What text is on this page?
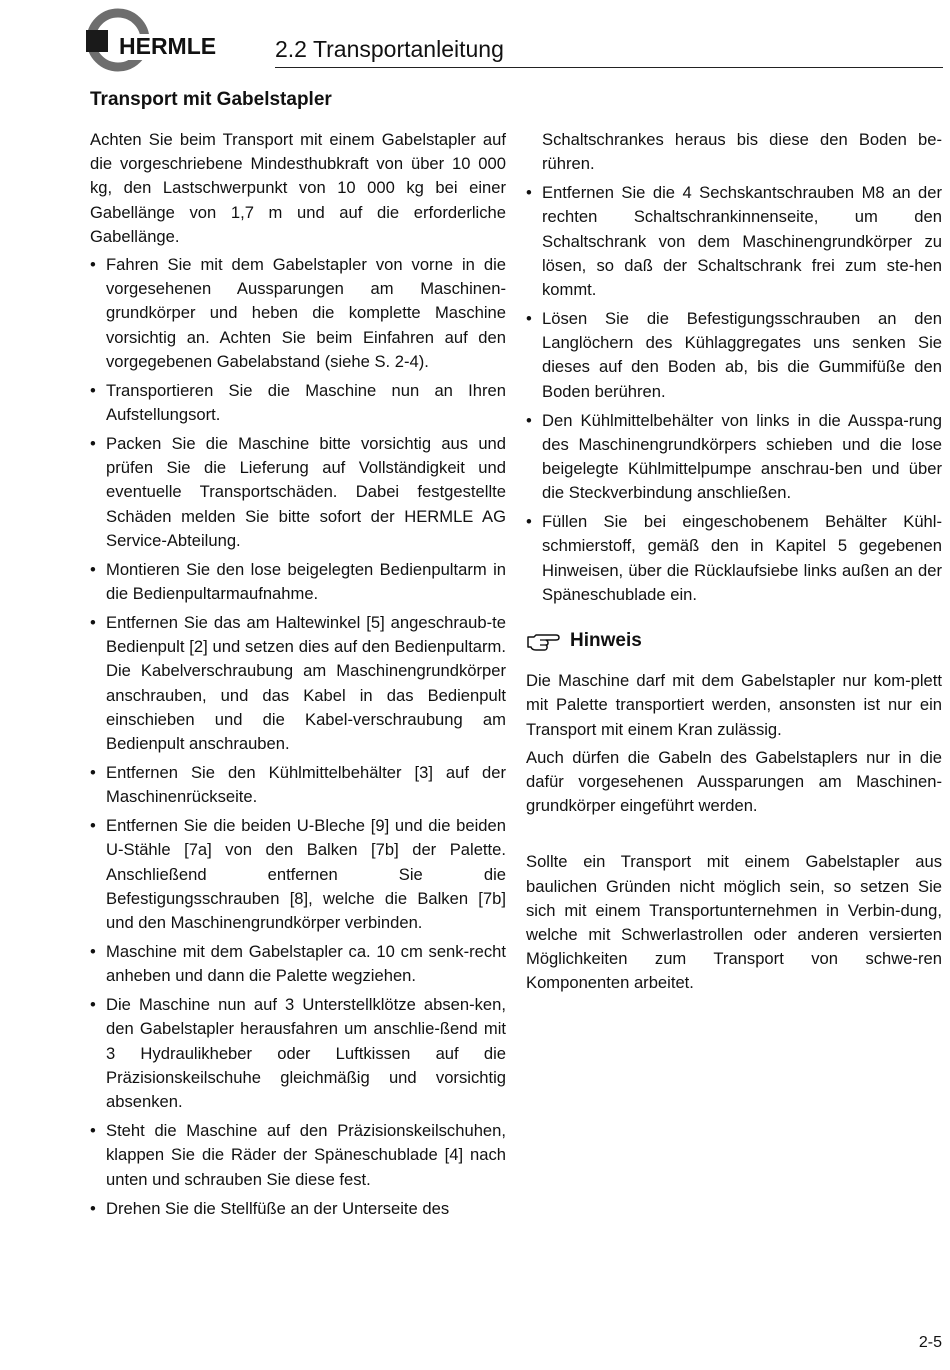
HERMLE	2.2 Transportanleitung
Transport mit Gabelstapler

Achten Sie beim Transport mit einem Gabelstapler auf die vorgeschriebene Mindesthubkraft von über 10 000 kg, den Lastschwerpunkt von 10 000 kg bei einer Gabellänge von 1,7 m und auf die erforderliche Gabellänge.

• Fahren Sie mit dem Gabelstapler von vorne in die vorgesehenen Aussparungen am Maschinen-grundkörper und heben die komplette Maschine vorsichtig an. Achten Sie beim Einfahren auf den vorgegebenen Gabelabstand (siehe S. 2-4).
• Transportieren Sie die Maschine nun an Ihren Aufstellungsort.
• Packen Sie die Maschine bitte vorsichtig aus und prüfen Sie die Lieferung auf Vollständigkeit und eventuelle Transportschäden. Dabei festgestellte Schäden melden Sie bitte sofort der HERMLE AG Service-Abteilung.
• Montieren Sie den lose beigelegten Bedienpultarm in die Bedienpultarmaufnahme.
• Entfernen Sie das am Haltewinkel [5] angeschraub-te Bedienpult [2] und setzen dies auf den Bedienpultarm. Die Kabelverschraubung am Maschinengrundkörper anschrauben, und das Kabel in das Bedienpult einschieben und die Kabel-verschraubung am Bedienpult anschrauben.
• Entfernen Sie den Kühlmittelbehälter [3] auf der Maschinenrückseite.
• Entfernen Sie die beiden U-Bleche [9] und die beiden U-Stähle [7a] von den Balken [7b] der Palette. Anschließend entfernen Sie die Befestigungsschrauben [8], welche die Balken [7b] und den Maschinengrundkörper verbinden.
• Maschine mit dem Gabelstapler ca. 10 cm senk-recht anheben und dann die Palette wegziehen.
• Die Maschine nun auf 3 Unterstellklötze absen-ken, den Gabelstapler herausfahren um anschlie-ßend mit 3 Hydraulikheber oder Luftkissen auf die Präzisionskeilschuhe gleichmäßig und vorsichtig absenken.
• Steht die Maschine auf den Präzisionskeilschuhen, klappen Sie die Räder der Späneschublade [4] nach unten und schrauben Sie diese fest.
• Drehen Sie die Stellfüße an der Unterseite des
Schaltschrankes heraus bis diese den Boden be-rühren.
• Entfernen Sie die 4 Sechskantschrauben M8 an der rechten Schaltschrankinnenseite, um den Schaltschrank von dem Maschinengrundkörper zu lösen, so daß der Schaltschrank frei zum ste-hen kommt.
• Lösen Sie die Befestigungsschrauben an den Langlöchern des Kühlaggregates uns senken Sie dieses auf den Boden ab, bis die Gummifüße den Boden berühren.
• Den Kühlmittelbehälter von links in die Ausspa-rung des Maschinengrundkörpers schieben und die lose beigelegte Kühlmittelpumpe anschrau-ben und über die Steckverbindung anschließen.
• Füllen Sie bei eingeschobenem Behälter Kühl-schmierstoff, gemäß den in Kapitel 5 gegebenen Hinweisen, über die Rücklaufsiebe links außen an der Späneschublade ein.
Hinweis

Die Maschine darf mit dem Gabelstapler nur kom-plett mit Palette transportiert werden, ansonsten ist nur ein Transport mit einem Kran zulässig.

Auch dürfen die Gabeln des Gabelstaplers nur in die dafür vorgesehenen Aussparungen am Maschinen-grundkörper eingeführt werden.

Sollte ein Transport mit einem Gabelstapler aus baulichen Gründen nicht möglich sein, so setzen Sie sich mit einem Transportunternehmen in Verbin-dung, welche mit Schwerlastrollen oder anderen versierten Möglichkeiten zum Transport von schwe-ren Komponenten arbeitet.

2-5
